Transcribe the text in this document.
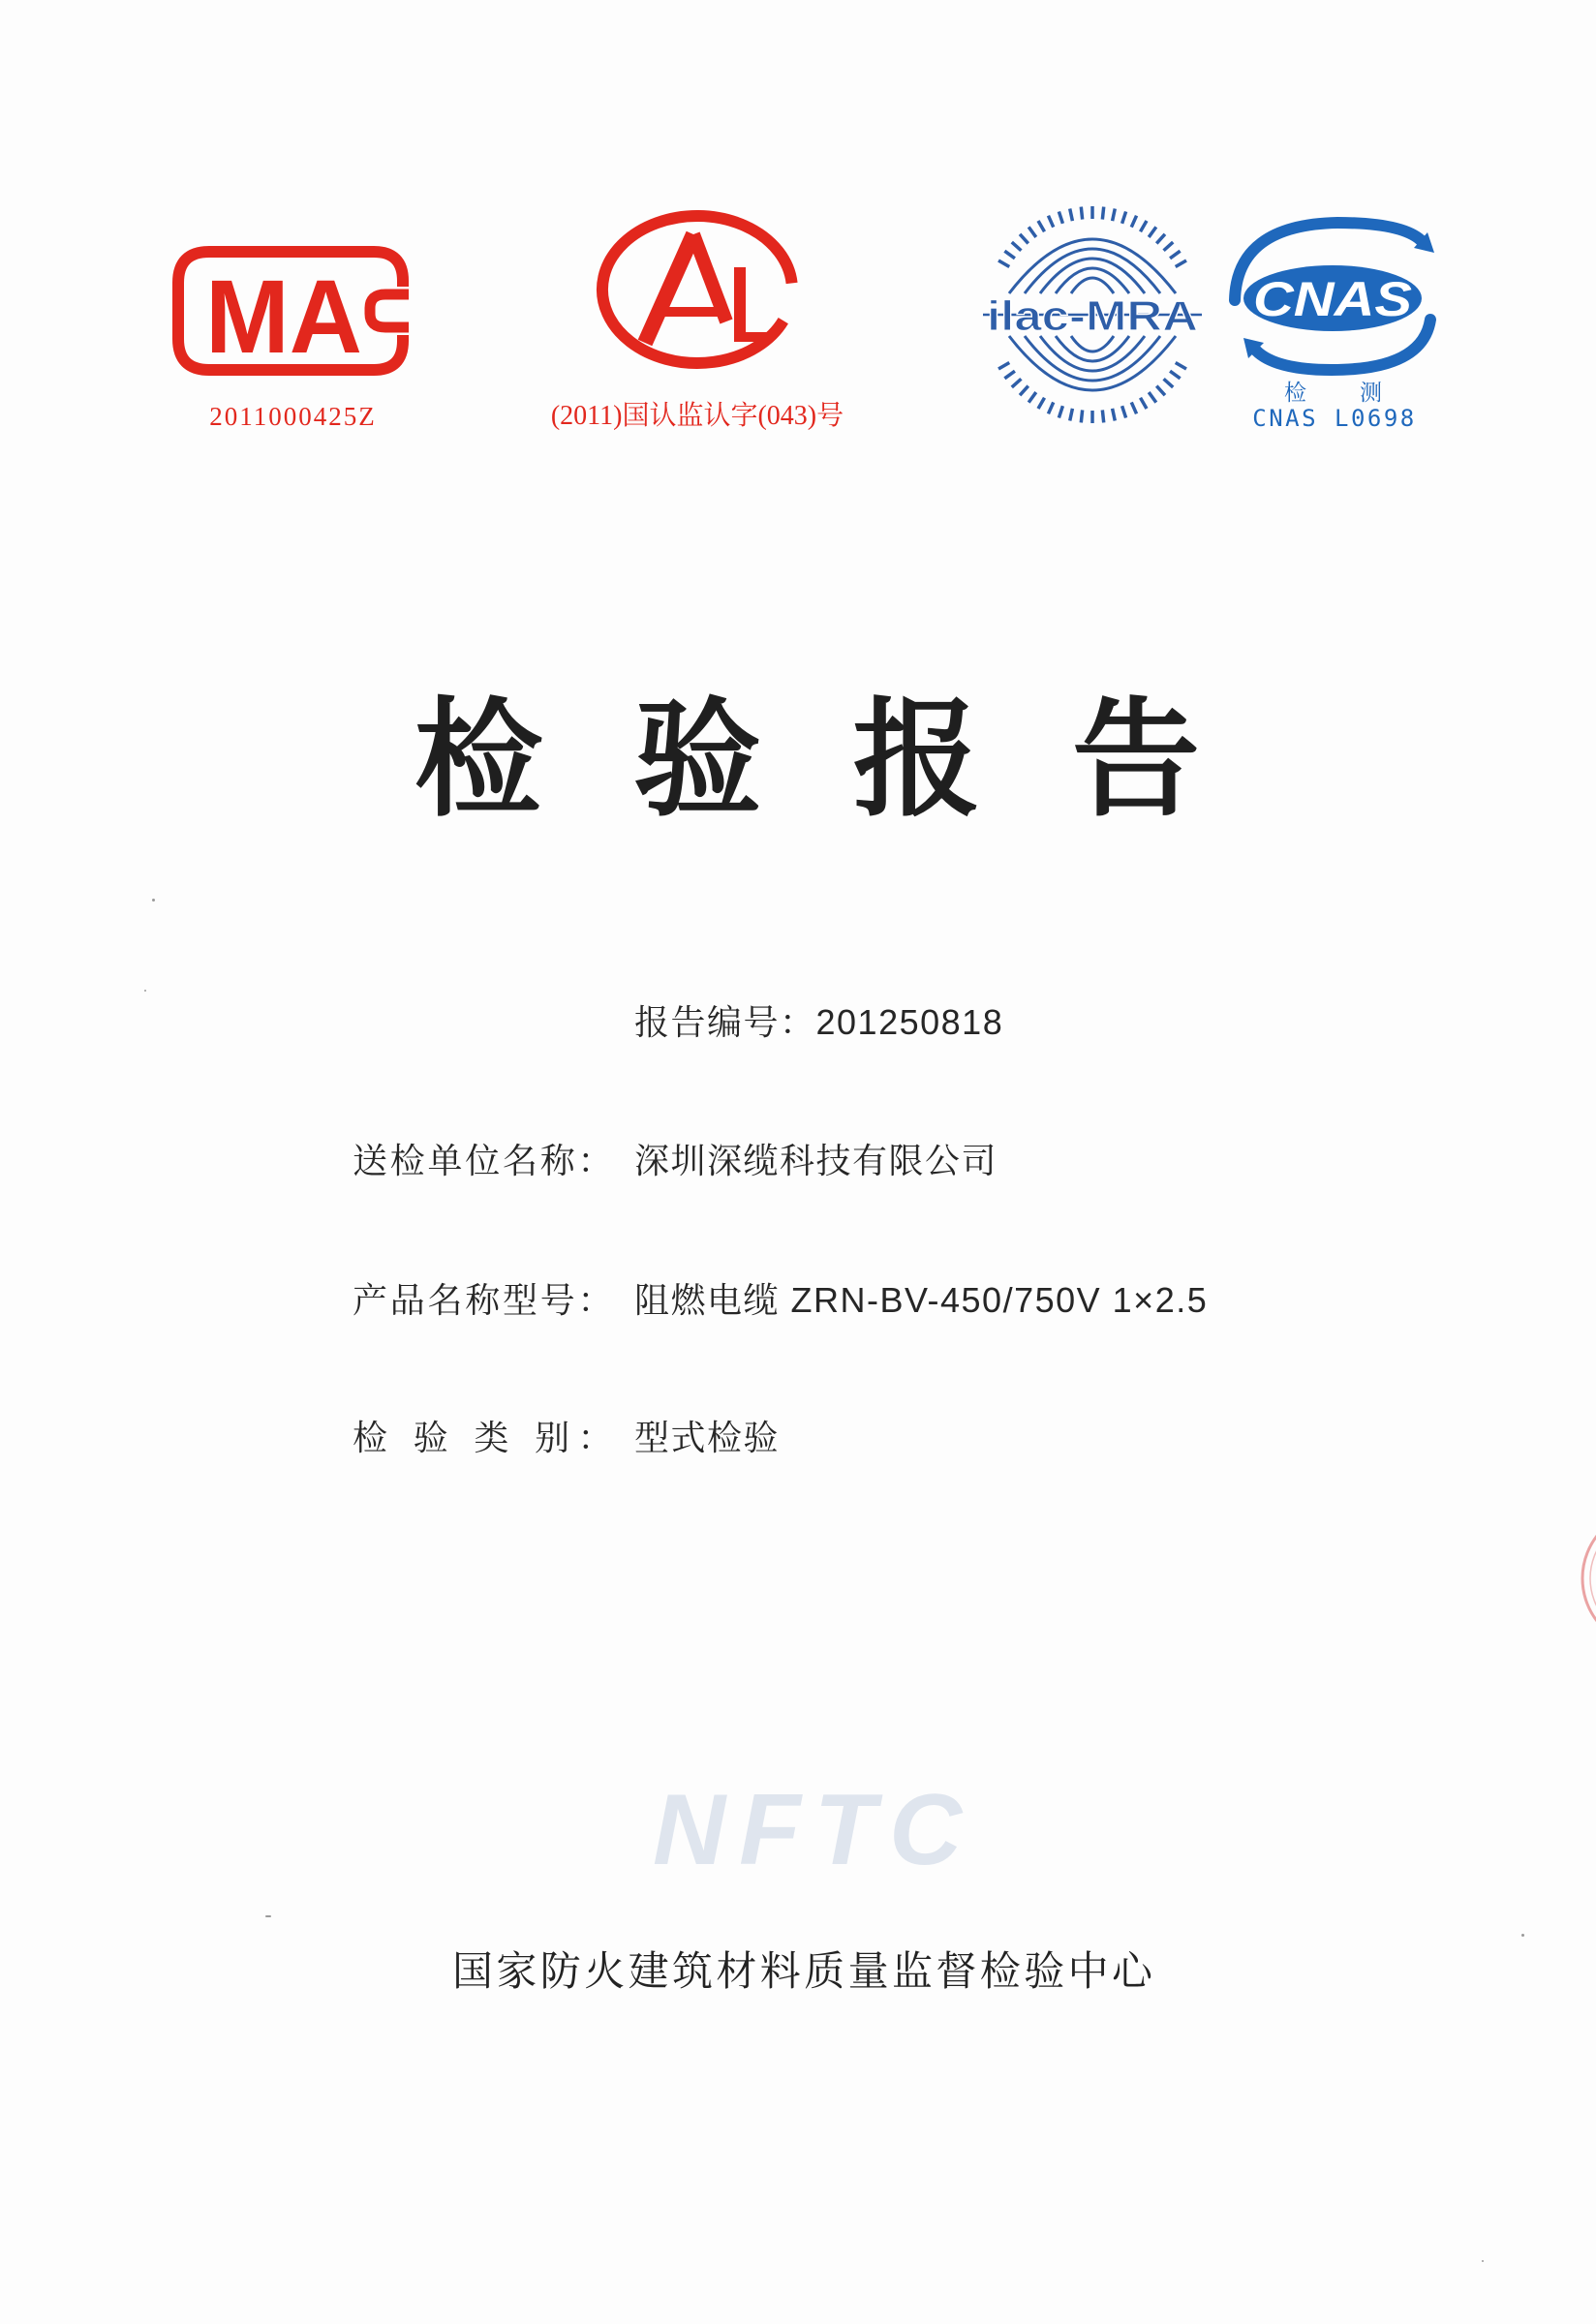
MA
2011000425Z	(2011)国认监认字(043)号
ilac-MRA CNAS
检 测
CNAS L0698
检 验 报 告
报告编号：201250818
送检单位名称： 深圳深缆科技有限公司
产品名称型号： 阻燃电缆 ZRN-BV-450/750V 1×2.5
检 验 类 别： 型式检验
NFTC
国家防火建筑材料质量监督检验中心
